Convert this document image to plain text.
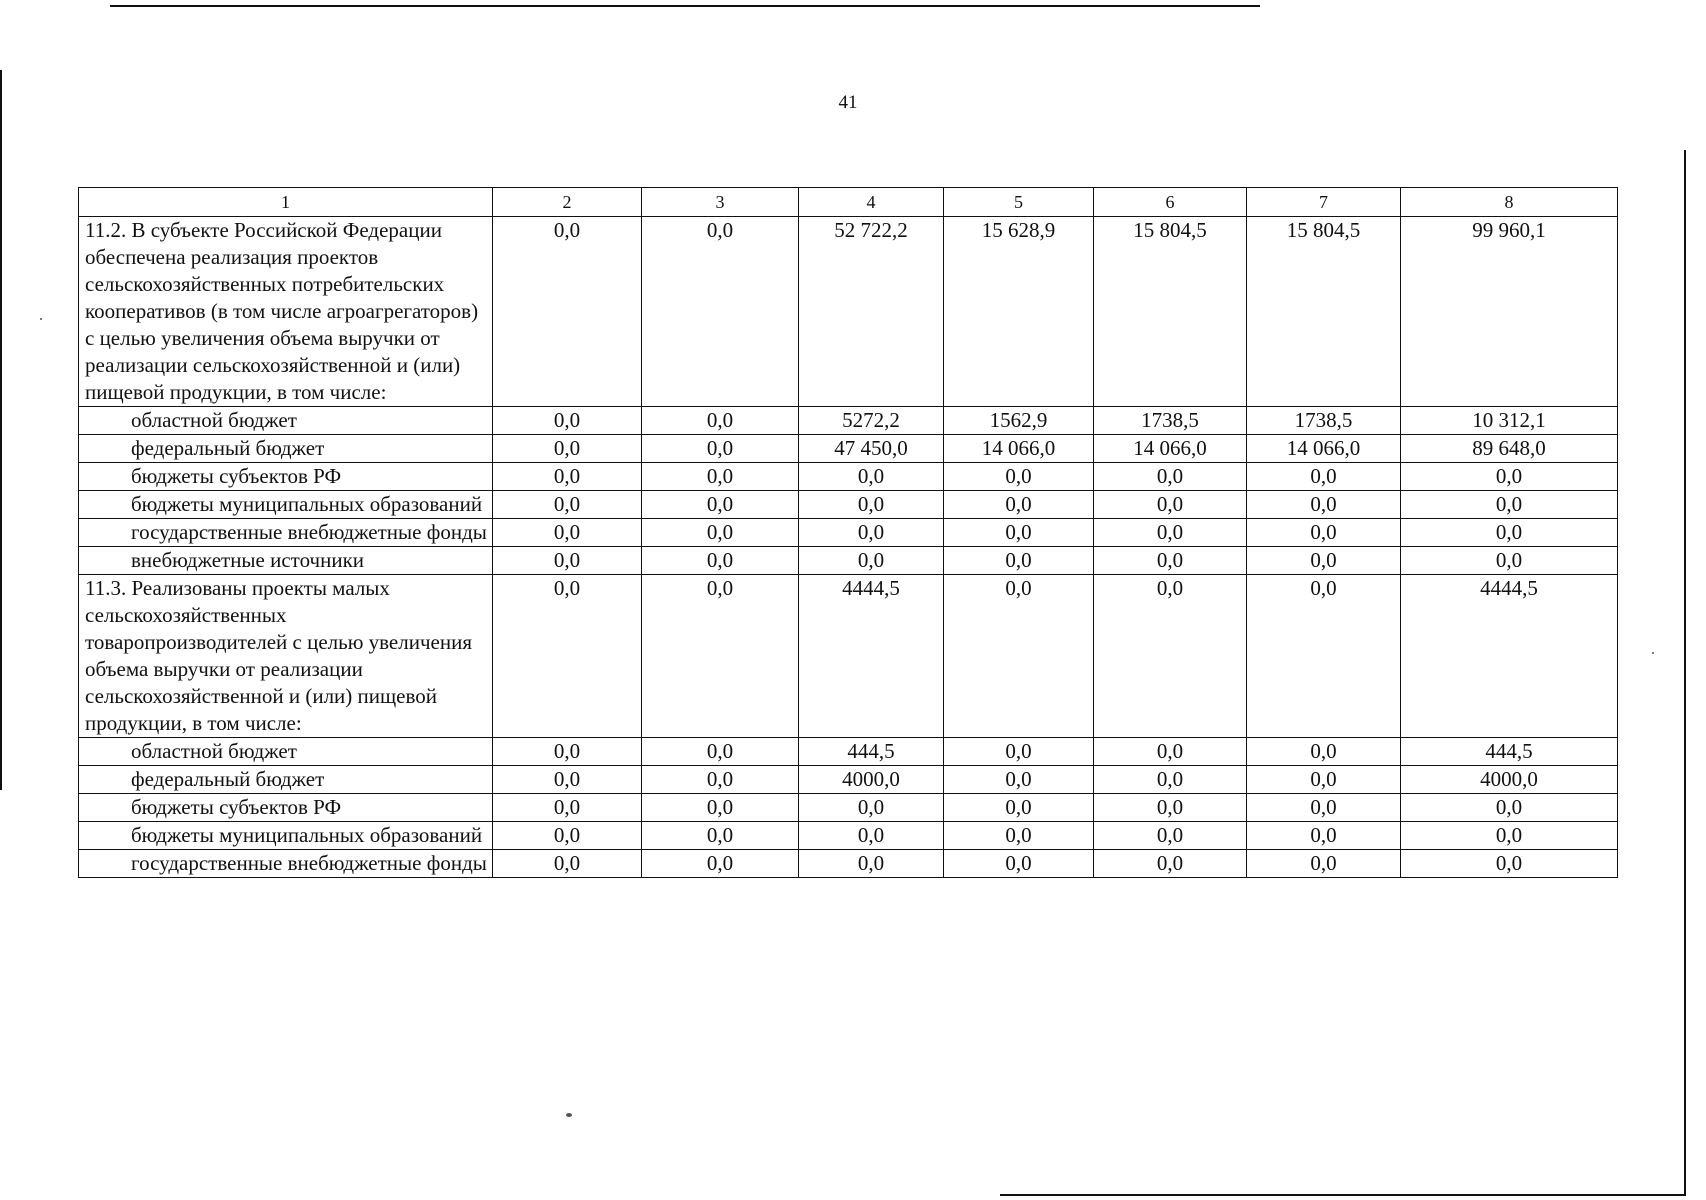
41
1	2	3	4	5	6	7	8
11.2. В субъекте Российской Федерации обеспечена реализация проектов сельскохозяйственных потребительских кооперативов (в том числе агроагрегаторов) с целью увеличения объема выручки от реализации сельскохозяйственной и (или) пищевой продукции, в том числе:	0,0	0,0	52 722,2	15 628,9	15 804,5	15 804,5	99 960,1
областной бюджет	0,0	0,0	5272,2	1562,9	1738,5	1738,5	10 312,1
федеральный бюджет	0,0	0,0	47 450,0	14 066,0	14 066,0	14 066,0	89 648,0
бюджеты субъектов РФ	0,0	0,0	0,0	0,0	0,0	0,0	0,0
бюджеты муниципальных образований	0,0	0,0	0,0	0,0	0,0	0,0	0,0
государственные внебюджетные фонды	0,0	0,0	0,0	0,0	0,0	0,0	0,0
внебюджетные источники	0,0	0,0	0,0	0,0	0,0	0,0	0,0
11.3. Реализованы проекты малых сельскохозяйственных товаропроизводителей с целью увеличения объема выручки от реализации сельскохозяйственной и (или) пищевой продукции, в том числе:	0,0	0,0	4444,5	0,0	0,0	0,0	4444,5
областной бюджет	0,0	0,0	444,5	0,0	0,0	0,0	444,5
федеральный бюджет	0,0	0,0	4000,0	0,0	0,0	0,0	4000,0
бюджеты субъектов РФ	0,0	0,0	0,0	0,0	0,0	0,0	0,0
бюджеты муниципальных образований	0,0	0,0	0,0	0,0	0,0	0,0	0,0
государственные внебюджетные фонды	0,0	0,0	0,0	0,0	0,0	0,0	0,0
